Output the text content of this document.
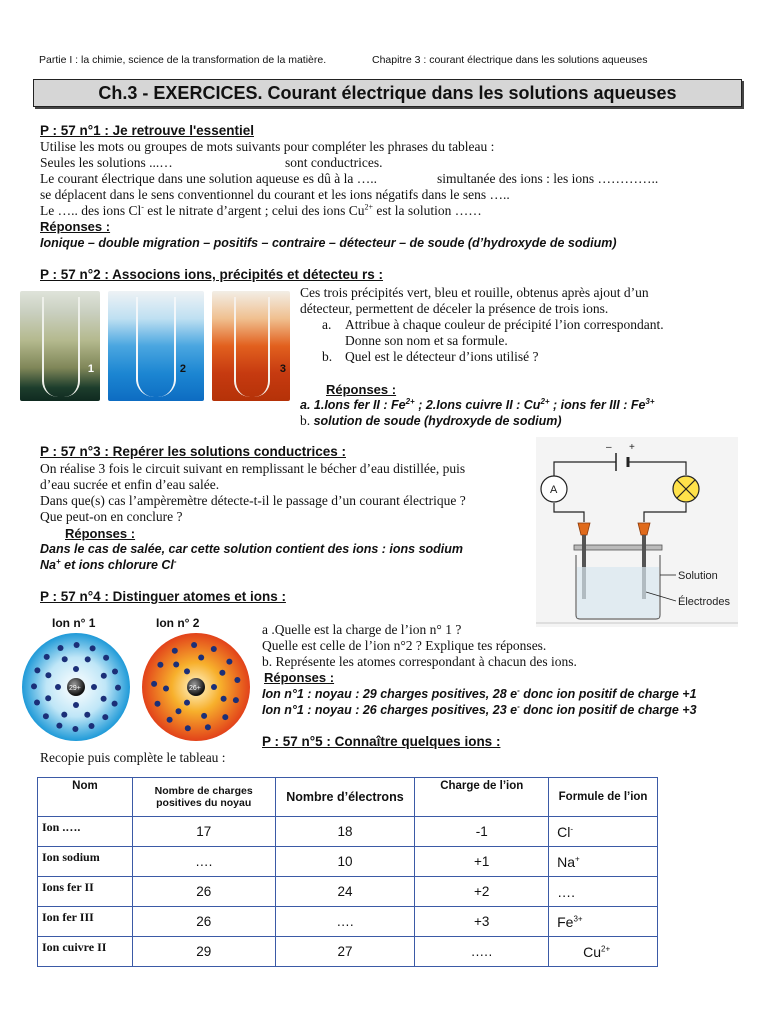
Partie I : la chimie, science de la transformation de la matière.	Chapitre 3 : courant électrique dans les solutions aqueuses
Ch.3 - EXERCICES. Courant électrique dans les solutions aqueuses
P : 57 n°1 : Je retrouve l'essentiel
Utilise les mots ou groupes de mots suivants pour compléter les phrases du tableau :
Seules les solutions ...…	sont conductrices.
Le courant électrique dans une solution aqueuse es dû à la …..	simultanée des ions : les ions …………..
se déplacent dans le sens conventionnel du courant et les ions négatifs dans le sens …..
Le ….. des ions Cl- est le nitrate d’argent ; celui des ions $Cu^{2+}$ est la solution ……
Réponses :
Ionique – double migration – positifs – contraire – détecteur – de soude (d’hydroxyde de sodium)
P : 57 n°2 : Associons ions, précipités et détecteu rs :
1	2	3
Ces trois précipités vert, bleu et rouille, obtenus après ajout d’un
détecteur, permettent de déceler la présence de trois ions.
a. Attribue à chaque couleur de précipité l’ion correspondant.
Donne son nom et sa formule.
b. Quel est le détecteur d’ions utilisé ?
Réponses :
a. 1.Ions fer II : $Fe^{2+}$ ; 2.Ions cuivre II : $Cu^{2+}$ ; ions fer III : $Fe^{3+}$
b. solution de soude (hydroxyde de sodium)
P : 57 n°3 : Repérer les solutions conductrices :
On réalise 3 fois le circuit suivant en remplissant le bécher d’eau distillée, puis
d’eau sucrée et enfin d’eau salée.
Dans que(s) cas l’ampèremètre détecte-t-il le passage d’un courant électrique ?
Que peut-on en conclure ?
Réponses :
Dans le cas de salée, car cette solution contient des ions : ions sodium
Na+ et ions chlorure Cl-
– +
A
Solution
Électrodes
P : 57 n°4 : Distinguer atomes et ions :
Ion n° 1
29+
Ion n° 2
26+
a .Quelle est la charge de l’ion n° 1 ?
Quelle est celle de l’ion n°2 ? Explique tes réponses.
b. Représente les atomes correspondant à chacun des ions.
Réponses :
Ion n°1 : noyau : 29 charges positives, 28 e- donc ion positif de charge +1
Ion n°1 : noyau : 26 charges positives, 23 e- donc ion positif de charge +3
P : 57 n°5 : Connaître quelques ions :
Recopie puis complète le tableau :
Nom	Nombre de charges positives du noyau	Nombre d’électrons	Charge de l’ion	Formule de l’ion
Ion .….	17	18	-1	Cl-
Ion sodium	….	10	+1	Na+
Ions fer II	26	24	+2	….
Ion fer III	26	….	+3	$Fe^{3+}$
Ion cuivre II	29	27	.….	$Cu^{2+}$
